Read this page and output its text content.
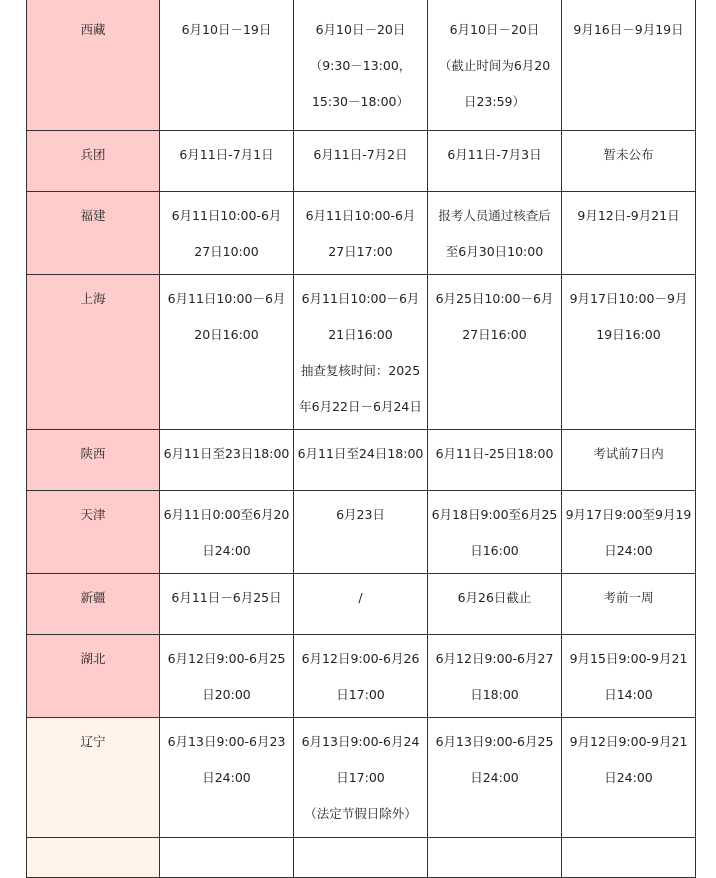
西藏	6月10日－19日	6月10日－20日
（9:30－13:00，
15:30－18:00）	6月10日－20日
（截止时间为6月20
日23:59）	9月16日－9月19日

兵团	6月11日-7月1日	6月11日-7月2日	6月11日-7月3日	暂未公布

福建	6月11日10:00-6月
27日10:00	6月11日10:00-6月
27日17:00	报考人员通过核查后
至6月30日10:00	9月12日-9月21日

上海	6月11日10:00－6月
20日16:00	6月11日10:00－6月
21日16:00
抽查复核时间：2025
年6月22日－6月24日	6月25日10:00－6月
27日16:00	9月17日10:00－9月
19日16:00

陕西	6月11日至23日18:00	6月11日至24日18:00	6月11日-25日18:00	考试前7日内

天津	6月11日0:00至6月20
日24:00	6月23日	6月18日9:00至6月25
日16:00	9月17日9:00至9月19
日24:00

新疆	6月11日－6月25日	/	6月26日截止	考前一周

湖北	6月12日9:00-6月25
日20:00	6月12日9:00-6月26
日17:00	6月12日9:00-6月27
日18:00	9月15日9:00-9月21
日14:00

辽宁	6月13日9:00-6月23
日24:00	6月13日9:00-6月24
日17:00
（法定节假日除外）	6月13日9:00-6月25
日24:00	9月12日9:00-9月21
日24:00
